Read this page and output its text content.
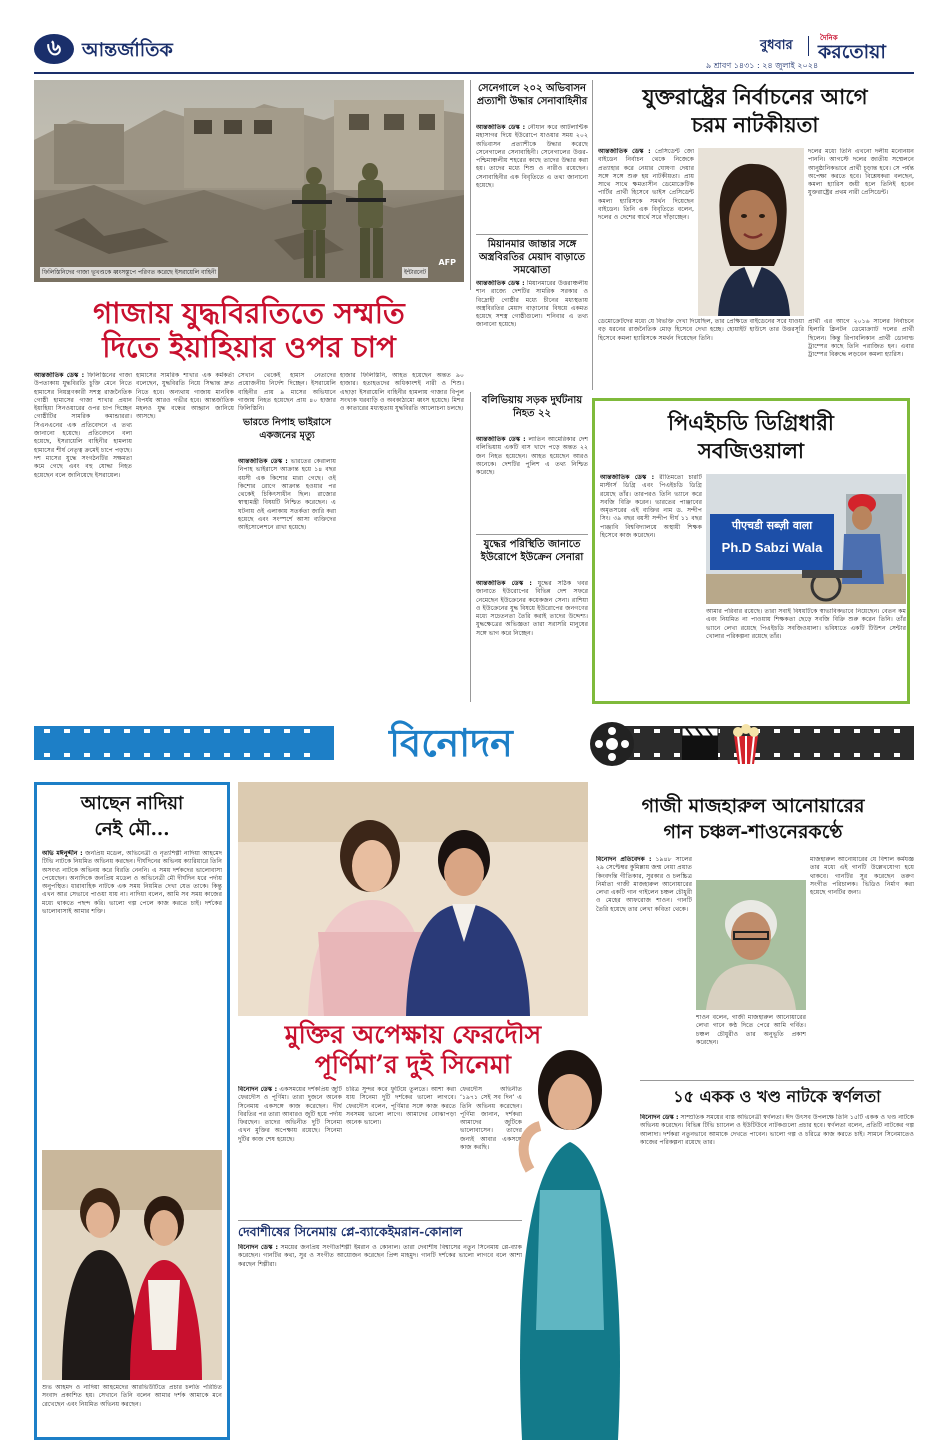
৬	আন্তর্জাতিক	বুধবার	দৈনিক
করতোয়া
৯ শ্রাবণ ১৪৩১ : ২৪ জুলাই ২০২৪
ফিলিস্তিনিদের গাজা ভূখণ্ডকে ধ্বংসস্তূপে পরিণত করেছে ইসরায়েলি বাহিনী	ইন্টারনেট
AFP
সেনেগালে ২০২ অভিবাসন প্রত্যাশী উদ্ধার সেনাবাহিনীর
আন্তর্জাতিক ডেস্ক : নৌযান করে আটলান্টিক মহাসাগর দিয়ে ইউরোপে যাওয়ার সময় ২০২ অভিবাসন প্রত্যাশীকে উদ্ধার করেছে সেনেগালের সেনাবাহিনী। সেনেগালের উত্তর-পশ্চিমাঞ্চলীয় শহরের কাছে তাদের উদ্ধার করা হয়। তাদের মধ্যে শিশু ও নারীও রয়েছেন। সেনাবাহিনীর এক বিবৃতিতে এ তথ্য জানানো হয়েছে।
মিয়ানমার জান্তার সঙ্গে অস্ত্রবিরতির মেয়াদ বাড়াতে সমঝোতা
আন্তর্জাতিক ডেস্ক : মিয়ানমারের উত্তরাঞ্চলীয় শান রাজ্যে দেশটির সামরিক সরকার ও বিদ্রোহী গোষ্ঠীর মধ্যে চীনের মধ্যস্থতায় অস্ত্রবিরতির মেয়াদ বাড়ানোর বিষয়ে একমত হয়েছে সশস্ত্র গোষ্ঠীগুলো। শনিবার এ তথ্য জানানো হয়েছে।
যুক্তরাষ্ট্রের নির্বাচনের আগে
চরম নাটকীয়তা
আন্তর্জাতিক ডেস্ক : প্রেসিডেন্ট জো বাইডেন নির্বাচন থেকে নিজেকে প্রত্যাহার করে নেয়ার ঘোষণা দেয়ার সঙ্গে সঙ্গে শুরু হয় নাটকীয়তা। প্রায় সাথে সাথে ক্ষমতাসীন ডেমোক্রেটিক পার্টির প্রার্থী হিসেবে ভাইস প্রেসিডেন্ট কমলা হ্যারিসকে সমর্থন দিয়েছেন বাইডেন। তিনি এক বিবৃতিতে বলেন, দলের ও দেশের স্বার্থে সরে দাঁড়াচ্ছেন।
ডেমোক্রেটদের মধ্যে যে বিভক্তি দেখা দিয়েছিল, তার প্রেক্ষিতে বাইডেনের সরে যাওয়া বড় ধরনের রাজনৈতিক মোড় হিসেবে দেখা হচ্ছে। হোয়াইট হাউসে তার উত্তরসূরি হিসেবে কমলা হ্যারিসকে সমর্থন দিয়েছেন তিনি।
দলের মধ্যে তিনি এখনো দলীয় মনোনয়ন পাননি। আগস্টে দলের জাতীয় সম্মেলনে আনুষ্ঠানিকভাবে প্রার্থী চূড়ান্ত হবে। সে পর্যন্ত অপেক্ষা করতে হবে। বিশ্লেষকরা বলছেন, কমলা হ্যারিস জয়ী হলে তিনিই হবেন যুক্তরাষ্ট্রের প্রথম নারী প্রেসিডেন্ট।
প্রার্থী এর আগে ২০১৬ সালের নির্বাচনে হিলারি ক্লিনটন ডেমোক্র্যাট দলের প্রার্থী ছিলেন। কিন্তু রিপাবলিকান প্রার্থী ডোনাল্ড ট্রাম্পের কাছে তিনি পরাজিত হন। এবার ট্রাম্পের বিরুদ্ধে লড়বেন কমলা হ্যারিস।
গাজায় যুদ্ধবিরতিতে সম্মতি
দিতে ইয়াহিয়ার ওপর চাপ
আন্তর্জাতিক ডেস্ক : ফিলিস্তিনের গাজা উপত্যকায় যুদ্ধবিরতি চুক্তি মেনে নিতে হামাসের নিয়ন্ত্রণকারী সশস্ত্র রাজনৈতিক গোষ্ঠী হামাসের গাজা শাখার প্রধান ইয়াহিয়া সিনওয়ারের ওপর চাপ দিচ্ছেন গোষ্ঠীটির সামরিক কমান্ডাররা। সিএনএনের এক প্রতিবেদনে এ তথ্য জানানো হয়েছে। প্রতিবেদনে বলা হয়েছে, ইসরায়েলি বাহিনীর হামলায় হামাসের শীর্ষ নেতৃত্ব ক্রমেই চাপে পড়ছে। দশ মাসের যুদ্ধে সংগঠনটির সক্ষমতা কমে গেছে এবং বহু যোদ্ধা নিহত হয়েছেন বলে জানিয়েছে ইসরায়েল।
হামাসের সামরিক শাখার এক কর্মকর্তা বলেছেন, যুদ্ধবিরতি নিয়ে সিদ্ধান্ত দ্রুত নিতে হবে। অন্যথায় গাজায় মানবিক বিপর্যয় আরও গভীর হবে। আন্তর্জাতিক মহলও যুদ্ধ বন্ধের আহ্বান জানিয়ে আসছে।
সেখান থেকেই হামাস নেতাদের প্রয়োজনীয় নির্দেশ দিচ্ছেন। ইসরায়েলি বাহিনীর প্রায় ৯ মাসের অভিযানে গাজায় নিহত হয়েছেন প্রায় ৪০ হাজার ফিলিস্তিনি।
ভারতে নিপাহ ভাইরাসে একজনের মৃত্যু
আন্তর্জাতিক ডেস্ক : ভারতের কেরালায় নিপাহ ভাইরাসে আক্রান্ত হয়ে ১৪ বছর বয়সী এক কিশোর মারা গেছে। ওই কিশোর রোগে আক্রান্ত হওয়ার পর থেকেই চিকিৎসাধীন ছিল। রাজ্যের স্বাস্থ্যমন্ত্রী বিষয়টি নিশ্চিত করেছেন। এ ঘটনায় ওই এলাকায় সতর্কতা জারি করা হয়েছে এবং সংস্পর্শে আসা ব্যক্তিদের আইসোলেশনে রাখা হয়েছে।
হাজার ফিলিস্তিনি, আহত হয়েছেন অন্তত ৯০ হাজার। হতাহতদের অধিকাংশই নারী ও শিশু। এছাড়া ইসরায়েলি বাহিনীর হামলায় গাজার বিপুল সংখ্যক ঘরবাড়ি ও অবকাঠামো ধ্বংস হয়েছে। মিশর ও কাতারের মধ্যস্থতায় যুদ্ধবিরতি আলোচনা চলছে।
বলিভিয়ায় সড়ক দুর্ঘটনায় নিহত ২২
আন্তর্জাতিক ডেস্ক : লাতিন আমেরিকার দেশ বলিভিয়ায় একটি বাস খাদে পড়ে অন্তত ২২ জন নিহত হয়েছেন। আহত হয়েছেন আরও অনেকে। দেশটির পুলিশ এ তথ্য নিশ্চিত করেছে।
যুদ্ধের পরিস্থিতি জানাতে ইউরোপে ইউক্রেন সেনারা
আন্তর্জাতিক ডেস্ক : যুদ্ধের সঠিক খবর জানাতে ইউরোপের বিভিন্ন দেশ সফরে নেমেছেন ইউক্রেনের কয়েকজন সেনা। রাশিয়া ও ইউক্রেনের যুদ্ধ বিষয়ে ইউরোপের জনগণের মধ্যে সচেতনতা তৈরি করাই তাদের উদ্দেশ্য। যুদ্ধক্ষেত্রের অভিজ্ঞতা তারা সরাসরি মানুষের সঙ্গে ভাগ করে নিচ্ছেন।
পিএইচডি ডিগ্রিধারী
সবজিওয়ালা
আন্তর্জাতিক ডেস্ক : রীতিমতো চারটি মাস্টার্স ডিগ্রি এবং পিএইচডি ডিগ্রি রয়েছে তাঁর। তারপরও তিনি ভ্যানে করে সবজি বিক্রি করেন। ভারতের পাঞ্জাবের অমৃতসরের এই ব্যক্তির নাম ড. সন্দীপ সিং। ৩৯ বছর বয়সী সন্দীপ দীর্ঘ ১১ বছর পাঞ্জাবি বিশ্ববিদ্যালয়ে অস্থায়ী শিক্ষক হিসেবে কাজ করেছেন।
पीएचडी सब्ज़ी वाला
Ph.D Sabzi Wala
আমার পরিবার রয়েছে। তারা সবাই বিষয়টিকে স্বাভাবিকভাবে নিয়েছেন। বেতন কম এবং নিয়মিত না পাওয়ায় শিক্ষকতা ছেড়ে সবজি বিক্রি শুরু করেন তিনি। তাঁর ভ্যানে লেখা রয়েছে পিএইচডি সবজিওয়ালা। ভবিষ্যতে একটি টিউশন সেন্টার খোলার পরিকল্পনা রয়েছে তাঁর।
বিনোদন
আছেন নাদিয়া
নেই মৌ...
অভি মঈনুদ্দীন : জনপ্রিয় মডেল, অভিনেত্রী ও নৃত্যশিল্পী নাদিয়া আহমেদ টিভি নাটকে নিয়মিত অভিনয় করছেন। দীর্ঘদিনের অভিনয় ক্যারিয়ারে তিনি অসংখ্য নাটকে অভিনয় করে বিরতি নেননি। এ সময় দর্শকদের ভালোবাসা পেয়েছেন। অন্যদিকে জনপ্রিয় মডেল ও অভিনেত্রী মৌ দীর্ঘদিন ধরে পর্দায় অনুপস্থিত। ধারাবাহিক নাটকে এক সময় নিয়মিত দেখা যেত তাকে। কিন্তু এখন আর সেভাবে পাওয়া যায় না। নাদিয়া বলেন, আমি সব সময় কাজের মধ্যে থাকতে পছন্দ করি। ভালো গল্প পেলে কাজ করতে চাই। দর্শকের ভালোবাসাই আমার শক্তি।
শুভ আহমদ ও নাদিয়া আহমেদের আরভিউটিতে প্রচার চলতি পরিচিত সংবাদ প্রকাশিত হয়। সেখানে তিনি বলেন আমার দর্শক আমাকে মনে রেখেছেন এবং নিয়মিত অভিনয় করছেন।
মুক্তির অপেক্ষায় ফেরদৌস
পূর্ণিমা’র দুই সিনেমা
বিনোদন ডেস্ক : একসময়ের দর্শকপ্রিয় জুটি ফেরদৌস ও পূর্ণিমা। তারা দুজনে অনেক সিনেমায় একসঙ্গে কাজ করেছেন। দীর্ঘ বিরতির পর তারা আবারও জুটি হয়ে পর্দায় ফিরছেন। তাদের অভিনীত দুটি সিনেমা এখন মুক্তির অপেক্ষায় রয়েছে। সিনেমা দুটির কাজ শেষ হয়েছে।
চরিত্র সুন্দর করে ফুটিয়ে তুলতে। আশা করা যায় সিনেমা দুটি দর্শকের ভালো লাগবে। ফেরদৌস বলেন, পূর্ণিমার সঙ্গে কাজ করতে সবসময় ভালো লাগে। আমাদের বোঝাপড়া অনেক ভালো।
ফেরদৌস অভিনীত ‘১৯৭১ সেই সব দিন’ এ তিনি অভিনয় করেছেন। পূর্ণিমা জানান, দর্শকরা আমাদের জুটিকে ভালোবাসেন। তাদের জন্যই আবার একসঙ্গে কাজ করছি।
দেবাশীষের সিনেমায় প্লে-ব্যাকেইমরান-কোনাল
বিনোদন ডেস্ক : সময়ের জনপ্রিয় সংগীতশিল্পী ইমরান ও কোনাল। তারা দেবাশীষ বিশ্বাসের নতুন সিনেমায় প্লে-ব্যাক করেছেন। গানটির কথা, সুর ও সংগীত আয়োজন করেছেন প্রিন্স মাহমুদ। গানটি দর্শকের ভালো লাগবে বলে আশা করছেন শিল্পীরা।
গাজী মাজহারুল আনোয়ারের
গান চঞ্চল-শাওনেরকণ্ঠে
বিনোদন প্রতিবেদক : ১৯৪৮ সালের ২৯ সেপ্টেম্বর কুমিল্লায় জন্ম নেয়া প্রয়াত কিংবদন্তি গীতিকার, সুরকার ও চলচ্চিত্র নির্মাতা গাজী মাজহারুল আনোয়ারের লেখা একটি গান গাইলেন চঞ্চল চৌধুরী ও মেহের আফরোজ শাওন। গানটি তৈরি হয়েছে তার লেখা কবিতা থেকে।
মাজহারুল আনোয়ারের যে বিশাল কর্মযজ্ঞ তার মধ্যে এই গানটি উল্লেখযোগ্য হয়ে থাকবে। গানটির সুর করেছেন তরুণ সংগীত পরিচালক। ভিডিও নির্মাণ করা হয়েছে গানটির জন্য।
শাওন বলেন, গাজী মাজহারুল আনোয়ারের লেখা গানে কণ্ঠ দিতে পেরে আমি গর্বিত। চঞ্চল চৌধুরীও তার অনুভূতি প্রকাশ করেছেন।
১৫ একক ও খণ্ড নাটকে স্বর্ণলতা
বিনোদন ডেস্ক : সাম্প্রতিক সময়ের ব্যস্ত অভিনেত্রী স্বর্ণলতা। ঈদ উৎসব উপলক্ষে তিনি ১৫টি একক ও খণ্ড নাটকে অভিনয় করেছেন। বিভিন্ন টিভি চ্যানেল ও ইউটিউবে নাটকগুলো প্রচার হবে। স্বর্ণলতা বলেন, প্রতিটি নাটকের গল্প আলাদা। দর্শকরা নতুনভাবে আমাকে দেখতে পাবেন। ভালো গল্প ও চরিত্রে কাজ করতে চাই। সামনে সিনেমাতেও কাজের পরিকল্পনা রয়েছে তার।
